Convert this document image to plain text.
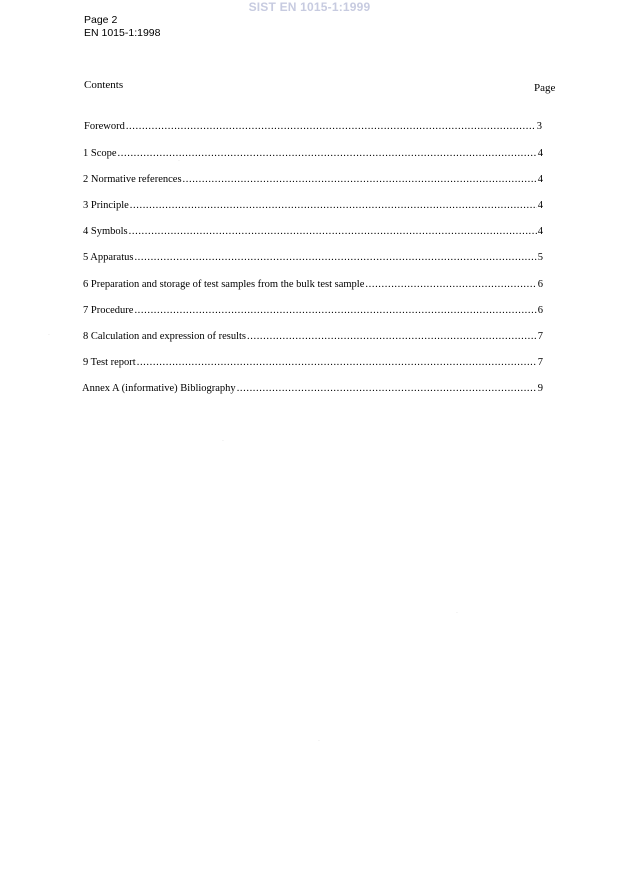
SIST EN 1015-1:1999
Page 2
EN 1015-1:1998
Contents	Page
Foreword .....	3
1 Scope .....	4
2 Normative references .....	4
3 Principle .....	4
4 Symbols .....	4
5 Apparatus .....	5
6 Preparation and storage of test samples from the bulk test sample .....	6
7 Procedure .....	6
8 Calculation and expression of results .....	7
9 Test report .....	7
Annex A (informative) Bibliography .....	9
·
·
·
·
·
